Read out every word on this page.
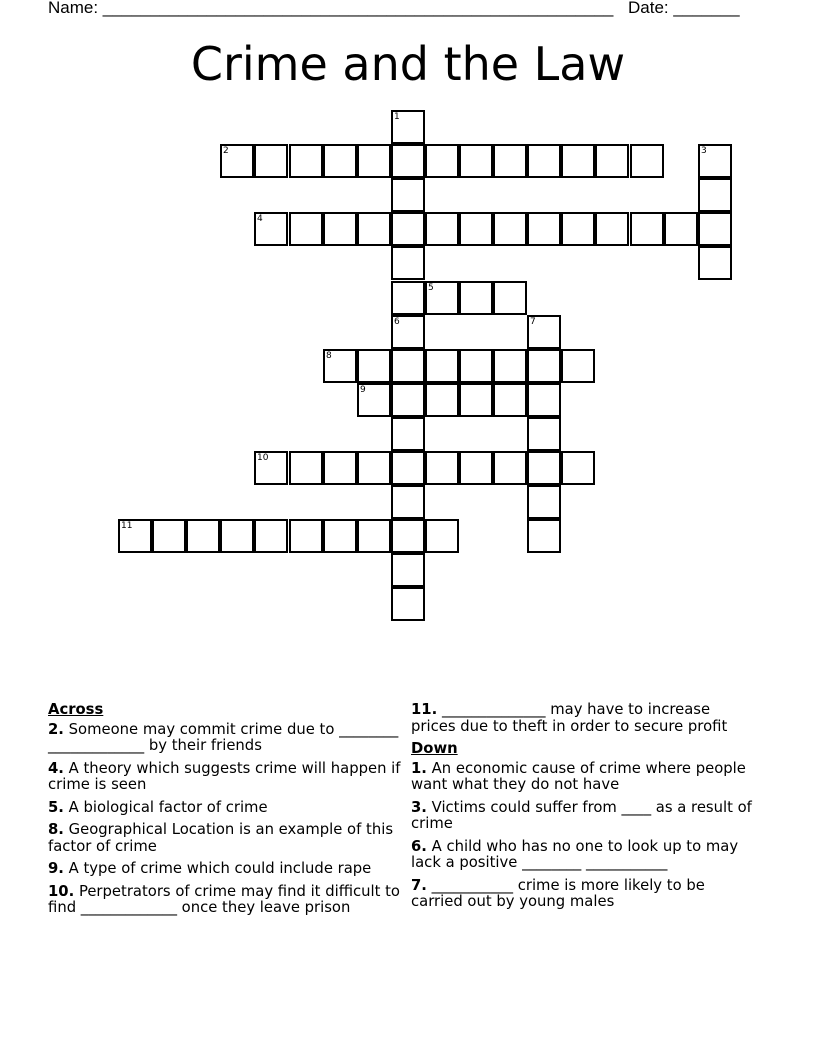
Name: ______________________________________________________ Date: _______
Crime and the Law
1
6
2	3
4
5
7
8
9
10
11
Across
2. Someone may commit crime due to ________ _____________ by their friends
4. A theory which suggests crime will happen if crime is seen
5. A biological factor of crime
8. Geographical Location is an example of this factor of crime
9. A type of crime which could include rape
10. Perpetrators of crime may find it difficult to find _____________ once they leave prison
11. ______________ may have to increase prices due to theft in order to secure profit
Down
1. An economic cause of crime where people want what they do not have
3. Victims could suffer from ____ as a result of crime
6. A child who has no one to look up to may lack a positive ________ ___________
7. ___________ crime is more likely to be carried out by young males
